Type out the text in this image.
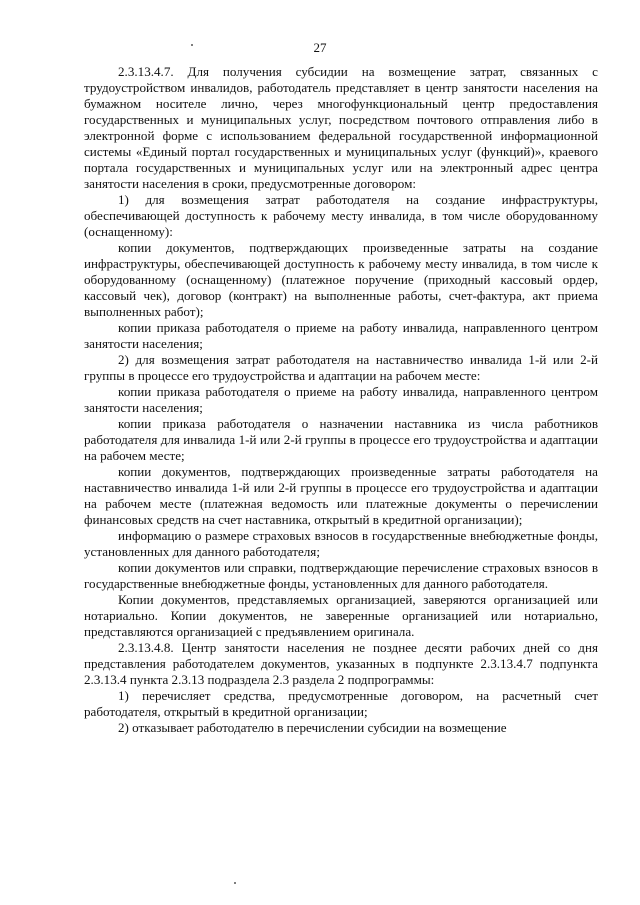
27

2.3.13.4.7. Для получения субсидии на возмещение затрат, связанных с трудоустройством инвалидов, работодатель представляет в центр занятости населения на бумажном носителе лично, через многофункциональный центр предоставления государственных и муниципальных услуг, посредством почтового отправления либо в электронной форме с использованием федеральной государственной информационной системы «Единый портал государственных и муниципальных услуг (функций)», краевого портала государственных и муниципальных услуг или на электронный адрес центра занятости населения в сроки, предусмотренные договором:

1) для возмещения затрат работодателя на создание инфраструктуры, обеспечивающей доступность к рабочему месту инвалида, в том числе оборудованному (оснащенному):

копии документов, подтверждающих произведенные затраты на создание инфраструктуры, обеспечивающей доступность к рабочему месту инвалида, в том числе к оборудованному (оснащенному) (платежное поручение (приходный кассовый ордер, кассовый чек), договор (контракт) на выполненные работы, счет-фактура, акт приема выполненных работ);

копии приказа работодателя о приеме на работу инвалида, направленного центром занятости населения;

2) для возмещения затрат работодателя на наставничество инвалида 1-й или 2-й группы в процессе его трудоустройства и адаптации на рабочем месте:

копии приказа работодателя о приеме на работу инвалида, направленного центром занятости населения;

копии приказа работодателя о назначении наставника из числа работников работодателя для инвалида 1-й или 2-й группы в процессе его трудоустройства и адаптации на рабочем месте;

копии документов, подтверждающих произведенные затраты работодателя на наставничество инвалида 1-й или 2-й группы в процессе его трудоустройства и адаптации на рабочем месте (платежная ведомость или платежные документы о перечислении финансовых средств на счет наставника, открытый в кредитной организации);

информацию о размере страховых взносов в государственные внебюджетные фонды, установленных для данного работодателя;

копии документов или справки, подтверждающие перечисление страховых взносов в государственные внебюджетные фонды, установленных для данного работодателя.

Копии документов, представляемых организацией, заверяются организацией или нотариально. Копии документов, не заверенные организацией или нотариально, представляются организацией с предъявлением оригинала.

2.3.13.4.8. Центр занятости населения не позднее десяти рабочих дней со дня представления работодателем документов, указанных в подпункте 2.3.13.4.7 подпункта 2.3.13.4 пункта 2.3.13 подраздела 2.3 раздела 2 подпрограммы:

1) перечисляет средства, предусмотренные договором, на расчетный счет работодателя, открытый в кредитной организации;

2) отказывает работодателю в перечислении субсидии на возмещение
